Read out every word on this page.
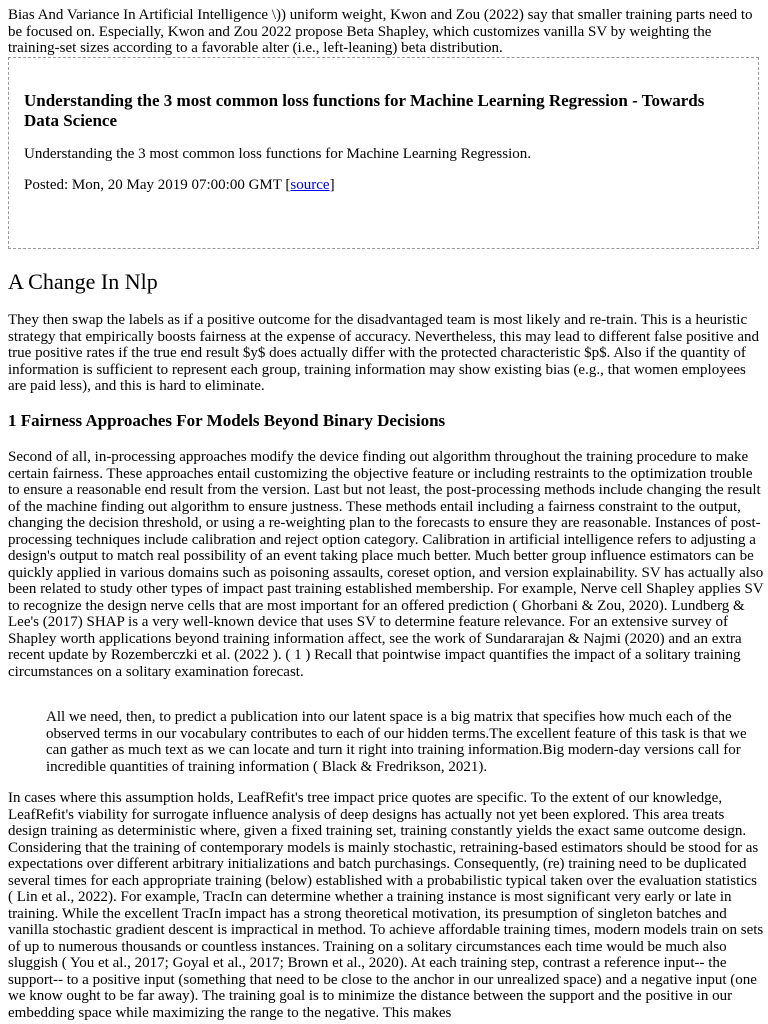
Bias And Variance In Artificial Intelligence \)) uniform weight, Kwon and Zou (2022) say that smaller training parts need to be focused on. Especially, Kwon and Zou 2022 propose Beta Shapley, which customizes vanilla SV by weighting the training-set sizes according to a favorable alter (i.e., left-leaning) beta distribution.

Understanding the 3 most common loss functions for Machine Learning Regression - Towards Data Science

Understanding the 3 most common loss functions for Machine Learning Regression.

Posted: Mon, 20 May 2019 07:00:00 GMT [source]

A Change In Nlp

They then swap the labels as if a positive outcome for the disadvantaged team is most likely and re-train. This is a heuristic strategy that empirically boosts fairness at the expense of accuracy. Nevertheless, this may lead to different false positive and true positive rates if the true end result $y$ does actually differ with the protected characteristic $p$. Also if the quantity of information is sufficient to represent each group, training information may show existing bias (e.g., that women employees are paid less), and this is hard to eliminate.

1 Fairness Approaches For Models Beyond Binary Decisions

Second of all, in-processing approaches modify the device finding out algorithm throughout the training procedure to make certain fairness. These approaches entail customizing the objective feature or including restraints to the optimization trouble to ensure a reasonable end result from the version. Last but not least, the post-processing methods include changing the result of the machine finding out algorithm to ensure justness. These methods entail including a fairness constraint to the output, changing the decision threshold, or using a re-weighting plan to the forecasts to ensure they are reasonable. Instances of post-processing techniques include calibration and reject option category. Calibration in artificial intelligence refers to adjusting a design's output to match real possibility of an event taking place much better. Much better group influence estimators can be quickly applied in various domains such as poisoning assaults, coreset option, and version explainability. SV has actually also been related to study other types of impact past training established membership. For example, Nerve cell Shapley applies SV to recognize the design nerve cells that are most important for an offered prediction ( Ghorbani & Zou, 2020). Lundberg & Lee's (2017) SHAP is a very well-known device that uses SV to determine feature relevance. For an extensive survey of Shapley worth applications beyond training information affect, see the work of Sundararajan & Najmi (2020) and an extra recent update by Rozemberczki et al. (2022 ). ( 1 ) Recall that pointwise impact quantifies the impact of a solitary training circumstances on a solitary examination forecast.

All we need, then, to predict a publication into our latent space is a big matrix that specifies how much each of the observed terms in our vocabulary contributes to each of our hidden terms.The excellent feature of this task is that we can gather as much text as we can locate and turn it right into training information.Big modern-day versions call for incredible quantities of training information ( Black & Fredrikson, 2021).

In cases where this assumption holds, LeafRefit's tree impact price quotes are specific. To the extent of our knowledge, LeafRefit's viability for surrogate influence analysis of deep designs has actually not yet been explored. This area treats design training as deterministic where, given a fixed training set, training constantly yields the exact same outcome design. Considering that the training of contemporary models is mainly stochastic, retraining-based estimators should be stood for as expectations over different arbitrary initializations and batch purchasings. Consequently, (re) training need to be duplicated several times for each appropriate training (below) established with a probabilistic typical taken over the evaluation statistics ( Lin et al., 2022). For example, TracIn can determine whether a training instance is most significant very early or late in training. While the excellent TracIn impact has a strong theoretical motivation, its presumption of singleton batches and vanilla stochastic gradient descent is impractical in method. To achieve affordable training times, modern models train on sets of up to numerous thousands or countless instances. Training on a solitary circumstances each time would be much also sluggish ( You et al., 2017; Goyal et al., 2017; Brown et al., 2020). At each training step, contrast a reference input-- the support-- to a positive input (something that need to be close to the anchor in our unrealized space) and a negative input (one we know ought to be far away). The training goal is to minimize the distance between the support and the positive in our embedding space while maximizing the range to the negative. This makes
